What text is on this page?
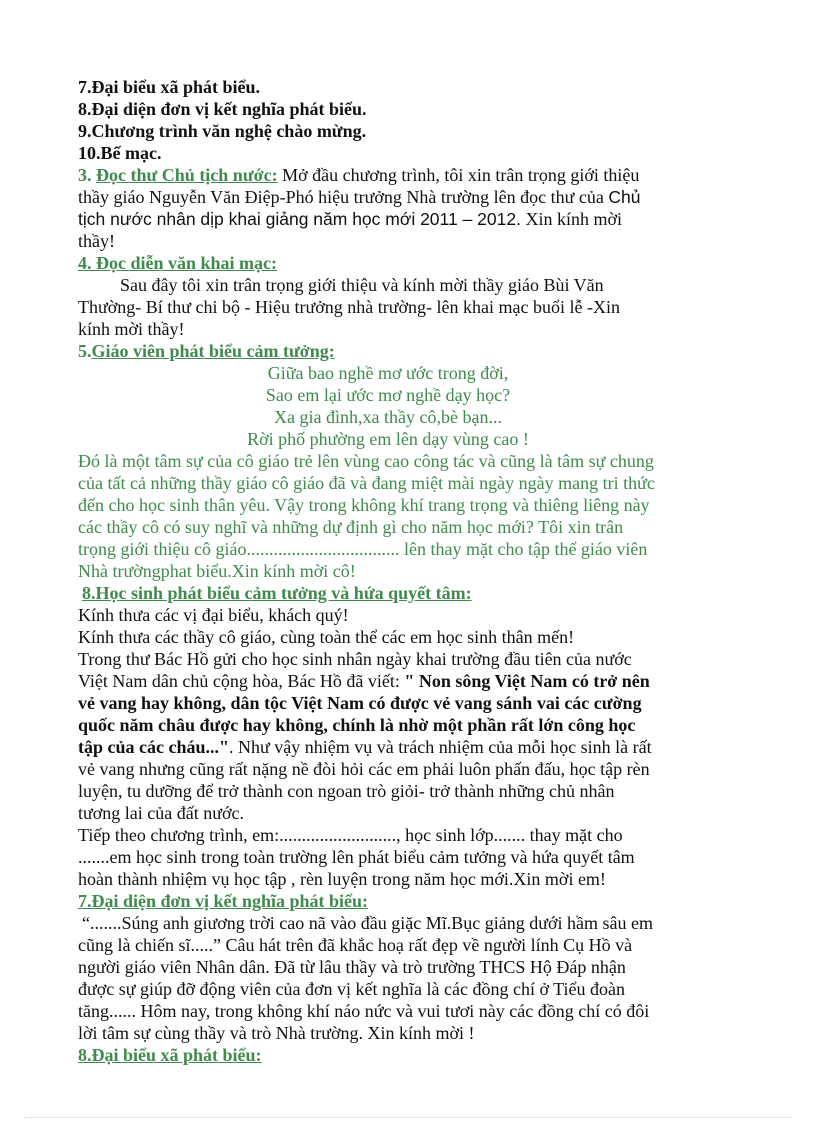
7.Đại biểu xã phát biểu.
8.Đại diện đơn vị kết nghĩa phát biểu.
9.Chương trình văn nghệ chào mừng.
10.Bế mạc.
3. Đọc thư Chủ tịch nước: Mở đầu chương trình, tôi xin trân trọng giới thiệu
thầy giáo Nguyễn Văn Điệp-Phó hiệu trưởng Nhà trường lên đọc thư của Chủ
tịch nước nhân dịp khai giảng năm học mới 2011 – 2012. Xin kính mời
thầy!
4. Đọc diễn văn khai mạc:
Sau đây tôi xin trân trọng giới thiệu và kính mời thầy giáo Bùi Văn
Thường- Bí thư chi bộ - Hiệu trưởng nhà trường- lên khai mạc buổi lễ -Xin
kính mời thầy!
5.Giáo viên phát biểu cảm tưởng:
Giữa bao nghề mơ ước trong đời,
Sao em lại ước mơ nghề dạy học?
Xa gia đình,xa thầy cô,bè bạn...
Rời phố phường em lên dạy vùng cao !
Đó là một tâm sự của cô giáo trẻ lên vùng cao công tác và cũng là tâm sự chung
của tất cả những thầy giáo cô giáo đã và đang miệt mài ngày ngày mang tri thức
đến cho học sinh thân yêu. Vậy trong không khí trang trọng và thiêng liêng này
các thầy cô có suy nghĩ và những dự định gì cho năm học mới? Tôi xin trân
trọng giới thiệu cô giáo.................................. lên thay mặt cho tập thể giáo viên
Nhà trườngphat biểu.Xin kính mời cô!
8.Học sinh phát biểu cảm tưởng và hứa quyết tâm:
Kính thưa các vị đại biểu, khách quý!
Kính thưa các thầy cô giáo, cùng toàn thể các em học sinh thân mến!
Trong thư Bác Hồ gửi cho học sinh nhân ngày khai trường đầu tiên của nước
Việt Nam dân chủ cộng hòa, Bác Hồ đã viết: " Non sông Việt Nam có trở nên
vẻ vang hay không, dân tộc Việt Nam có được vẻ vang sánh vai các cường
quốc năm châu được hay không, chính là nhờ một phần rất lớn công học
tập của các cháu...". Như vậy nhiệm vụ và trách nhiệm của mỗi học sinh là rất
vẻ vang nhưng cũng rất nặng nề đòi hỏi các em phải luôn phấn đấu, học tập rèn
luyện, tu dưỡng để trở thành con ngoan trò giỏi- trở thành những chủ nhân
tương lai của đất nước.
Tiếp theo chương trình, em:.........................., học sinh lớp....... thay mặt cho
.......em học sinh trong toàn trường lên phát biểu cảm tưởng và hứa quyết tâm
hoàn thành nhiệm vụ học tập , rèn luyện trong năm học mới.Xin mời em!
7.Đại diện đơn vị kết nghĩa phát biểu:
“.......Súng anh giương trời cao nã vào đầu giặc Mĩ.Bục giảng dưới hầm sâu em
cũng là chiến sĩ.....” Câu hát trên đã khắc hoạ rất đẹp về người lính Cụ Hồ và
người giáo viên Nhân dân. Đã từ lâu thầy và trò trường THCS Hộ Đáp nhận
được sự giúp đỡ động viên của đơn vị kết nghĩa là các đồng chí ở Tiểu đoàn
tăng...... Hôm nay, trong không khí náo nức và vui tươi này các đồng chí có đôi
lời tâm sự cùng thầy và trò Nhà trường. Xin kính mời !
8.Đại biểu xã phát biểu:
